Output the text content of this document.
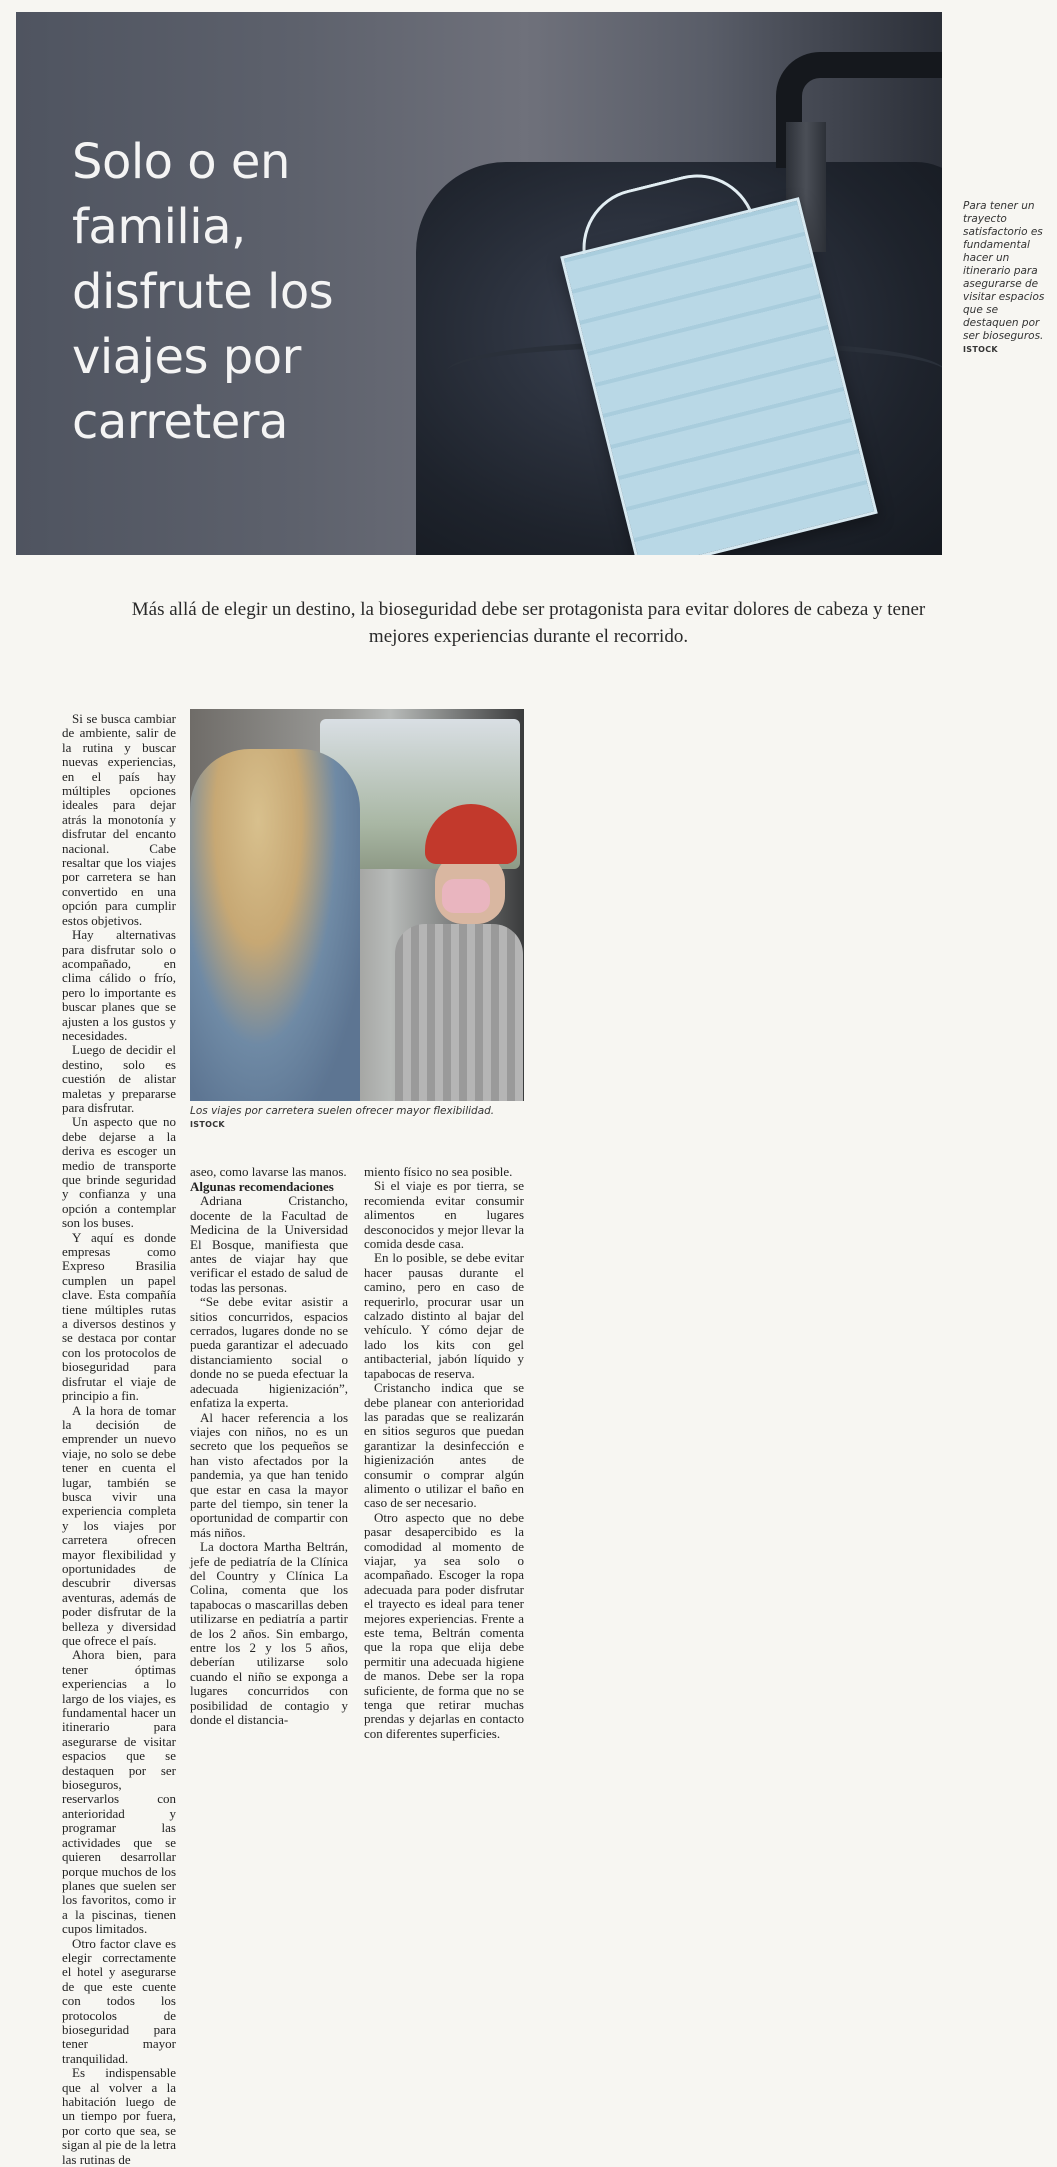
Solo o en
familia,
disfrute los
viajes por
carretera
Para tener un trayecto satisfactorio es fundamental hacer un itinerario para asegurarse de visitar espacios que se destaquen por ser bioseguros. ISTOCK

Más allá de elegir un destino, la bioseguridad debe ser protagonista para evitar dolores de cabeza y tener mejores experiencias durante el recorrido.

Si se busca cambiar de ambiente, salir de la rutina y buscar nuevas experiencias, en el país hay múltiples opciones ideales para dejar atrás la monotonía y disfrutar del encanto nacional. Cabe resaltar que los viajes por carretera se han convertido en una opción para cumplir estos objetivos.

Hay alternativas para disfrutar solo o acompañado, en clima cálido o frío, pero lo importante es buscar planes que se ajusten a los gustos y necesidades.

Luego de decidir el destino, solo es cuestión de alistar maletas y prepararse para disfrutar.

Un aspecto que no debe dejarse a la deriva es escoger un medio de transporte que brinde seguridad y confianza y una opción a contemplar son los buses.

Y aquí es donde empresas como Expreso Brasilia cumplen un papel clave. Esta compañía tiene múltiples rutas a diversos destinos y se destaca por contar con los protocolos de bioseguridad para disfrutar el viaje de principio a fin.

A la hora de tomar la decisión de emprender un nuevo viaje, no solo se debe tener en cuenta el lugar, también se busca vivir una experiencia completa y los viajes por carretera ofrecen mayor flexibilidad y oportunidades de descubrir diversas aventuras, además de poder disfrutar de la belleza y diversidad que ofrece el país.

Ahora bien, para tener óptimas experiencias a lo largo de los viajes, es fundamental hacer un itinerario para asegurarse de visitar espacios que se destaquen por ser bioseguros, reservarlos con anterioridad y programar las actividades que se quieren desarrollar porque muchos de los planes que suelen ser los favoritos, como ir a la piscinas, tienen cupos limitados.

Otro factor clave es elegir correctamente el hotel y asegurarse de que este cuente con todos los protocolos de bioseguridad para tener mayor tranquilidad.

Es indispensable que al volver a la habitación luego de un tiempo por fuera, por corto que sea, se sigan al pie de la letra las rutinas de

Los viajes por carretera suelen ofrecer mayor flexibilidad. ISTOCK

aseo, como lavarse las manos.

Algunas recomendaciones

Adriana Cristancho, docente de la Facultad de Medicina de la Universidad El Bosque, manifiesta que antes de viajar hay que verificar el estado de salud de todas las personas.

“Se debe evitar asistir a sitios concurridos, espacios cerrados, lugares donde no se pueda garantizar el adecuado distanciamiento social o donde no se pueda efectuar la adecuada higienización”, enfatiza la experta.

Al hacer referencia a los viajes con niños, no es un secreto que los pequeños se han visto afectados por la pandemia, ya que han tenido que estar en casa la mayor parte del tiempo, sin tener la oportunidad de compartir con más niños.

La doctora Martha Beltrán, jefe de pediatría de la Clínica del Country y Clínica La Colina, comenta que los tapabocas o mascarillas deben utilizarse en pediatría a partir de los 2 años. Sin embargo, entre los 2 y los 5 años, deberían utilizarse solo cuando el niño se exponga a lugares concurridos con posibilidad de contagio y donde el distancia-

miento físico no sea posible.

Si el viaje es por tierra, se recomienda evitar consumir alimentos en lugares desconocidos y mejor llevar la comida desde casa.

En lo posible, se debe evitar hacer pausas durante el camino, pero en caso de requerirlo, procurar usar un calzado distinto al bajar del vehículo. Y cómo dejar de lado los kits con gel antibacterial, jabón líquido y tapabocas de reserva.

Cristancho indica que se debe planear con anterioridad las paradas que se realizarán en sitios seguros que puedan garantizar la desinfección e higienización antes de consumir o comprar algún alimento o utilizar el baño en caso de ser necesario.

Otro aspecto que no debe pasar desapercibido es la comodidad al momento de viajar, ya sea solo o acompañado. Escoger la ropa adecuada para poder disfrutar el trayecto es ideal para tener mejores experiencias. Frente a este tema, Beltrán comenta que la ropa que elija debe permitir una adecuada higiene de manos. Debe ser la ropa suficiente, de forma que no se tenga que retirar muchas prendas y dejarlas en contacto con diferentes superficies.
